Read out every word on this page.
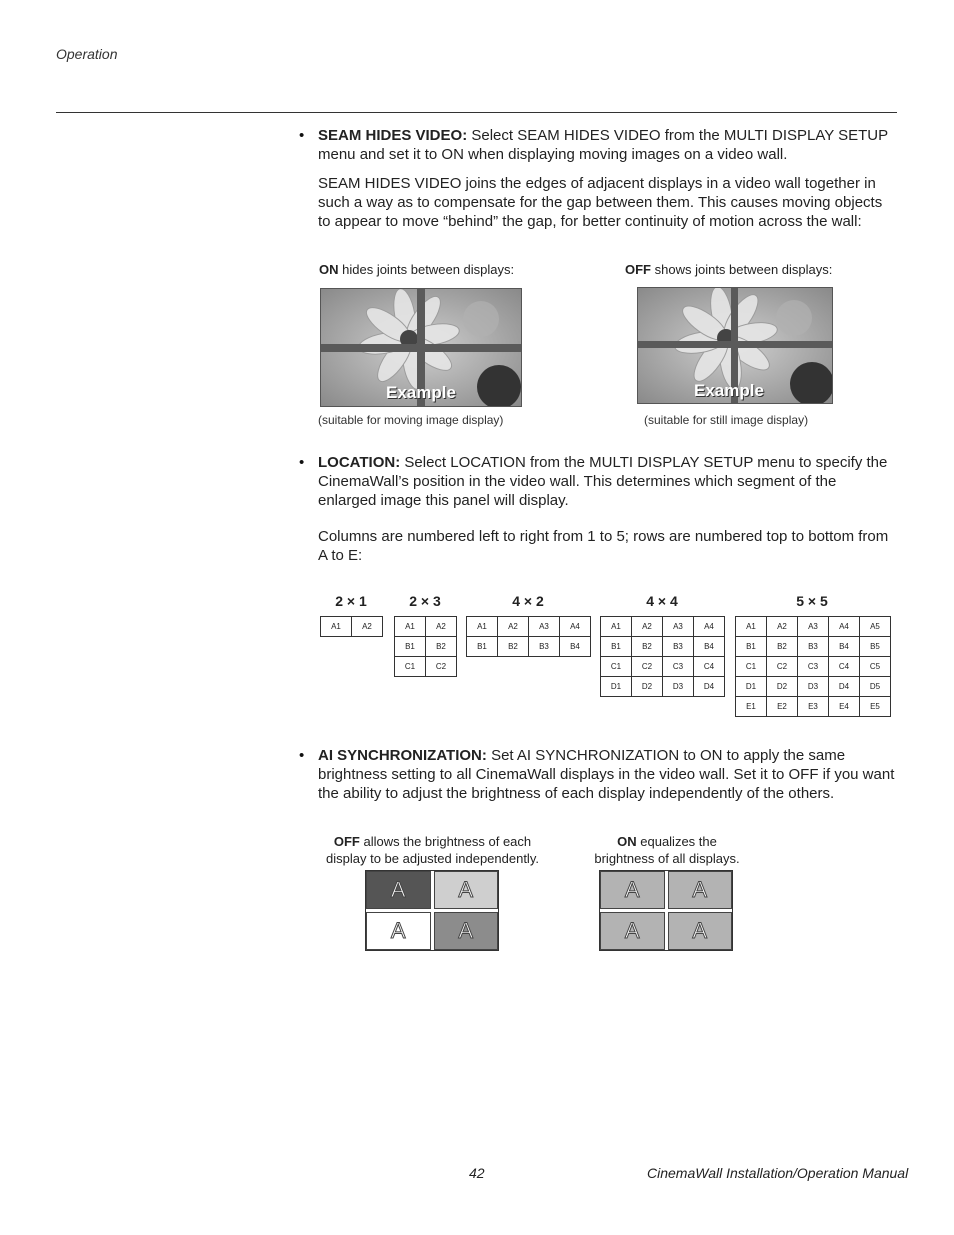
Operation
• SEAM HIDES VIDEO: Select SEAM HIDES VIDEO from the MULTI DISPLAY SETUP menu and set it to ON when displaying moving images on a video wall.
SEAM HIDES VIDEO joins the edges of adjacent displays in a video wall together in such a way as to compensate for the gap between them. This causes moving objects to appear to move “behind” the gap, for better continuity of motion across the wall:
ON hides joints between displays:	OFF shows joints between displays:
Example	Example
(suitable for moving image display)	(suitable for still image display)
• LOCATION: Select LOCATION from the MULTI DISPLAY SETUP menu to specify the CinemaWall’s position in the video wall. This determines which segment of the enlarged image this panel will display.
Columns are numbered left to right from 1 to 5; rows are numbered top to bottom from A to E:
2 × 1
A1	A2
2 × 3
A1	A2
B1	B2
C1	C2
4 × 2
A1	A2	A3	A4
B1	B2	B3	B4
4 × 4
A1	A2	A3	A4
B1	B2	B3	B4
C1	C2	C3	C4
D1	D2	D3	D4
5 × 5
A1	A2	A3	A4	A5
B1	B2	B3	B4	B5
C1	C2	C3	C4	C5
D1	D2	D3	D4	D5
E1	E2	E3	E4	E5
• AI SYNCHRONIZATION: Set AI SYNCHRONIZATION to ON to apply the same brightness setting to all CinemaWall displays in the video wall. Set it to OFF if you want the ability to adjust the brightness of each display independently of the others.
OFF allows the brightness of each
display to be adjusted independently.
ON equalizes the
brightness of all displays.
A	A
A	A
A	A
A	A
42	CinemaWall Installation/Operation Manual
